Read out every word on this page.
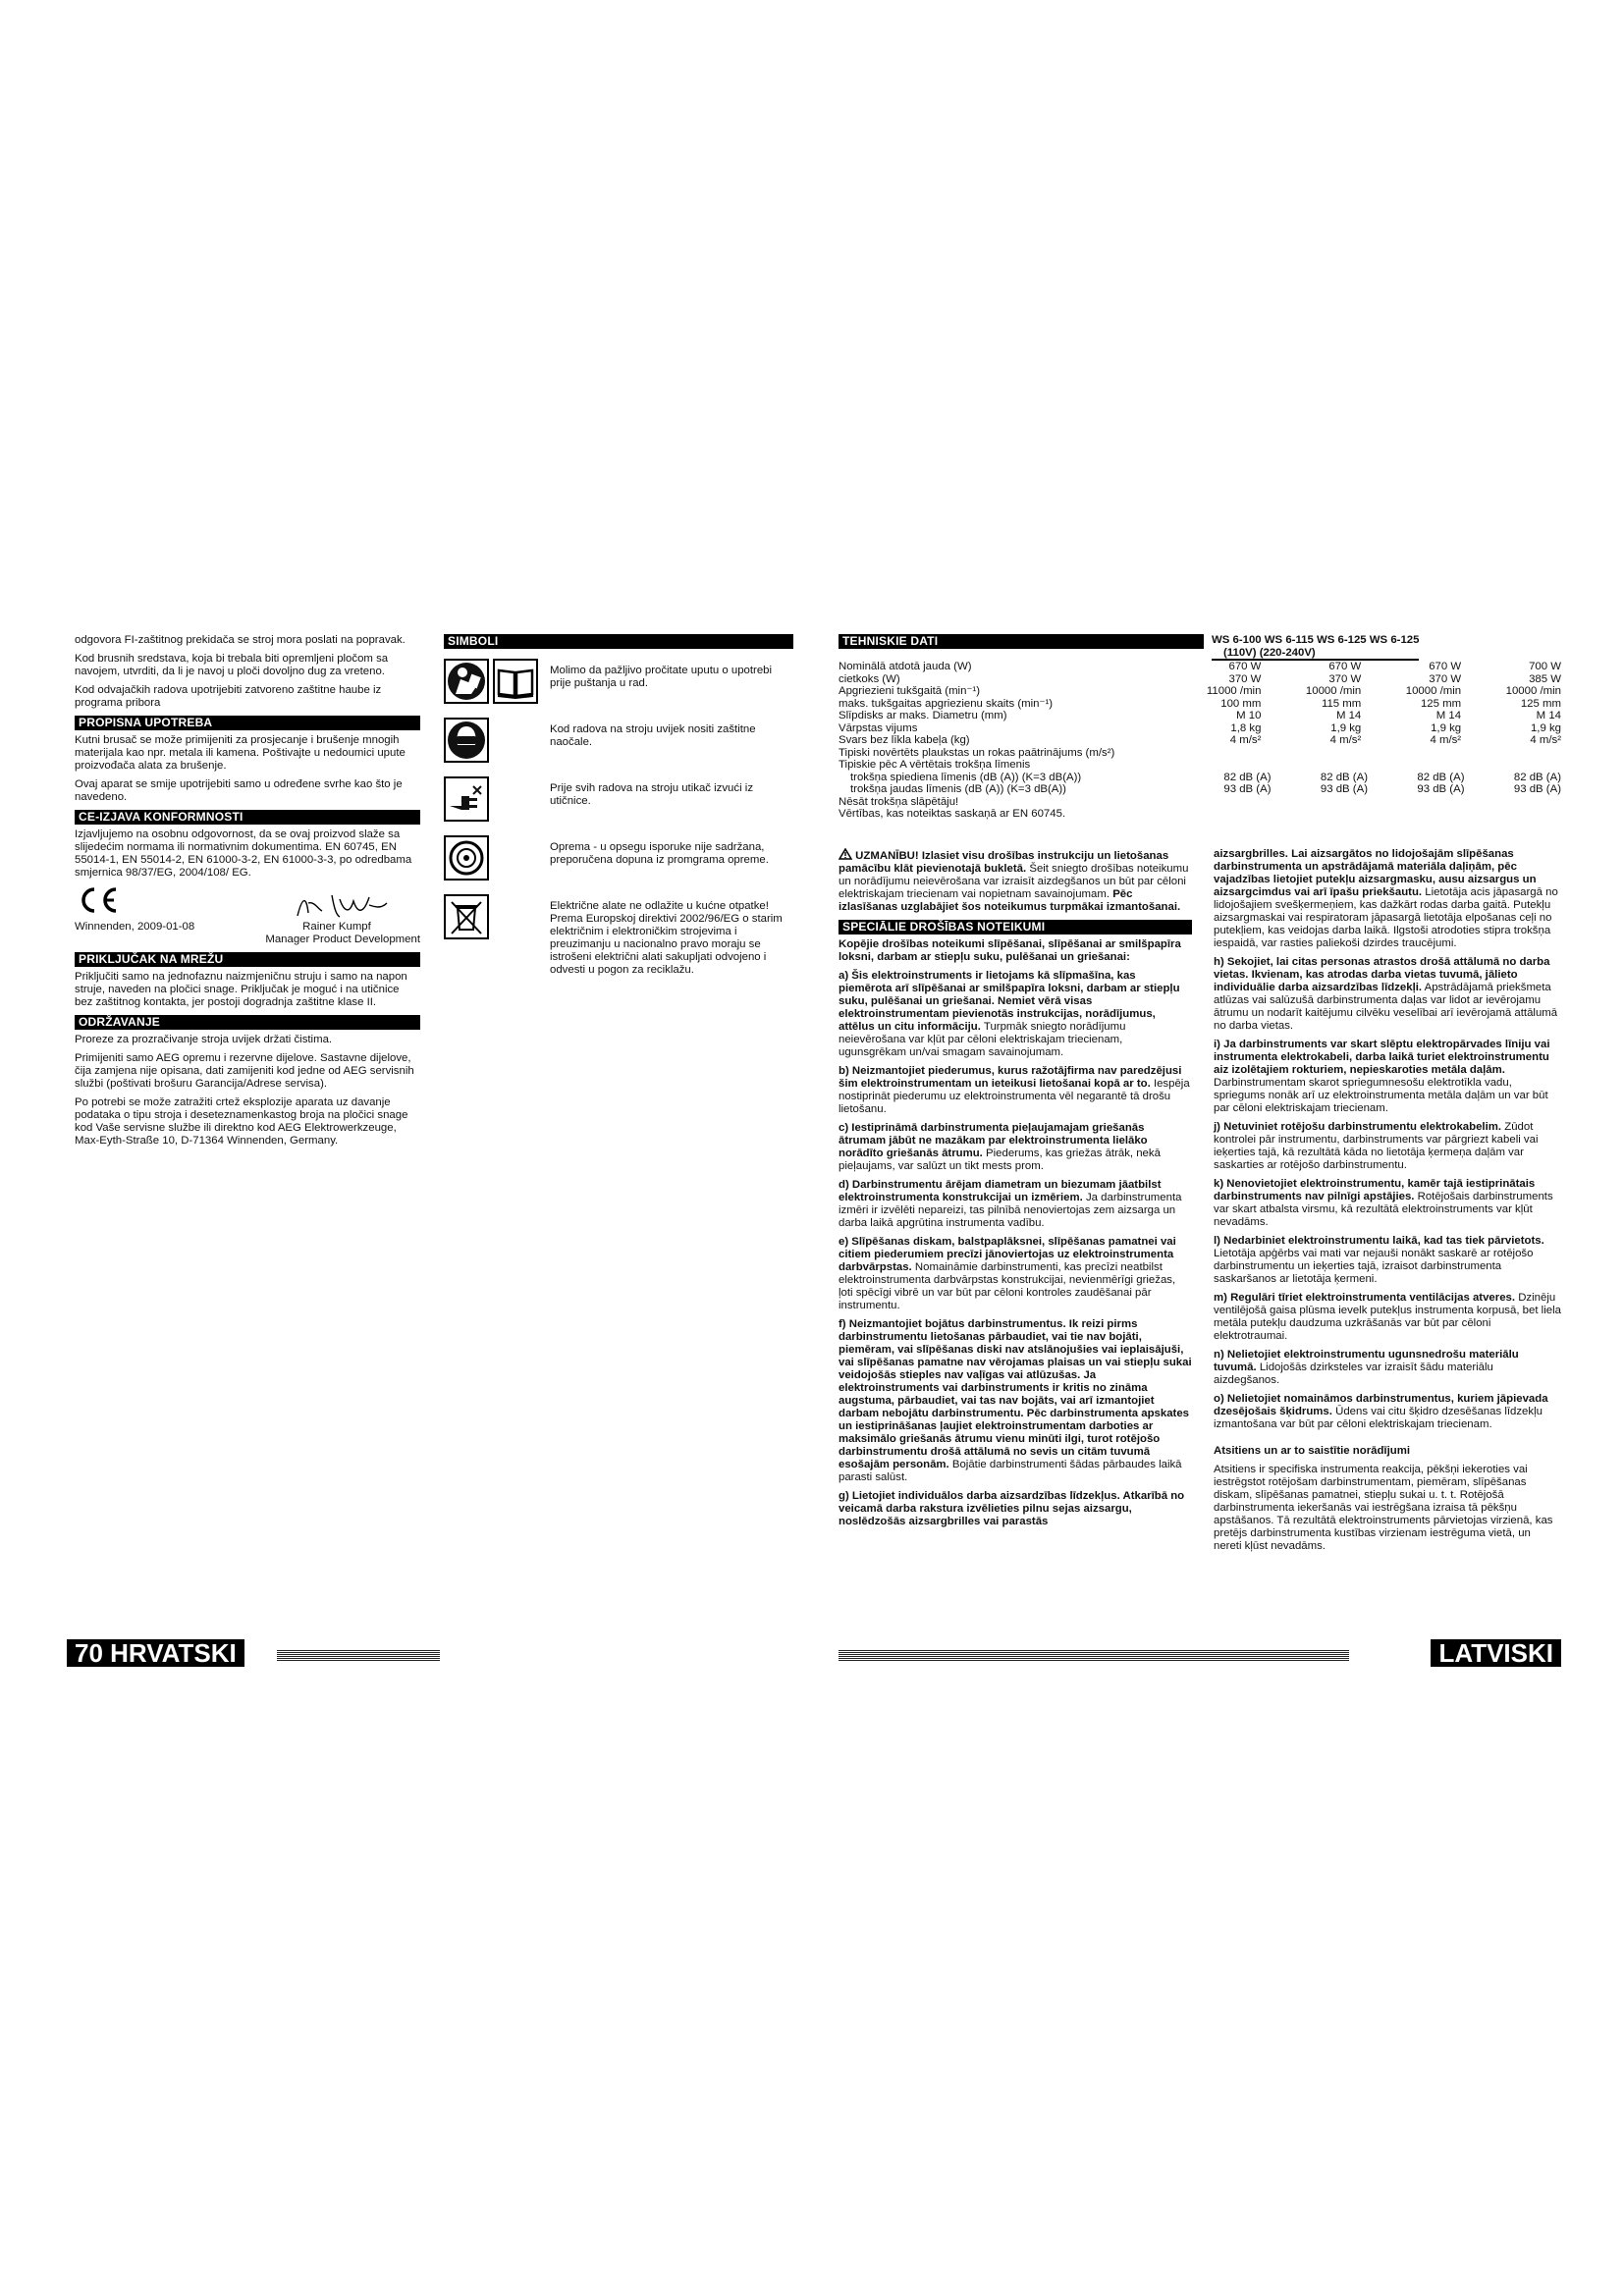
odgovora FI-zaštitnog prekidača se stroj mora poslati na popravak.

Kod brusnih sredstava, koja bi trebala biti opremljeni pločom sa navojem, utvrditi, da li je navoj u ploči dovoljno dug za vreteno.

Kod odvajačkih radova upotrijebiti zatvoreno zaštitne haube iz programa pribora

PROPISNA UPOTREBA

Kutni brusač se može primijeniti za prosjecanje i brušenje mnogih materijala kao npr. metala ili kamena. Poštivajte u nedoumici upute proizvođača alata za brušenje.

Ovaj aparat se smije upotrijebiti samo u određene svrhe kao što je navedeno.

CE-IZJAVA KONFORMNOSTI

Izjavljujemo na osobnu odgovornost, da se ovaj proizvod slaže sa slijedećim normama ili normativnim dokumentima. EN 60745, EN 55014-1, EN 55014-2, EN 61000-3-2, EN 61000-3-3, po odredbama smjernica 98/37/EG, 2004/108/ EG.

Winnenden, 2009-01-08	Rainer Kumpf

Manager Product Development

PRIKLJUČAK NA MREŽU

Priključiti samo na jednofaznu naizmjeničnu struju i samo na napon struje, naveden na pločici snage. Priključak je moguć i na utičnice bez zaštitnog kontakta, jer postoji dogradnja zaštitne klase II.

ODRŽAVANJE

Proreze za prozračivanje stroja uvijek držati čistima.

Primijeniti samo AEG opremu i rezervne dijelove. Sastavne dijelove, čija zamjena nije opisana, dati zamijeniti kod jedne od AEG servisnih službi (poštivati brošuru Garancija/Adrese servisa).

Po potrebi se može zatražiti crtež eksplozije aparata uz davanje podataka o tipu stroja i deseteznamenkastog broja na pločici snage kod Vaše servisne službe ili direktno kod AEG Elektrowerkzeuge, Max-Eyth-Straße 10, D-71364 Winnenden, Germany.

SIMBOLI
Molimo da pažljivo pročitate uputu o upotrebi prije puštanja u rad.
Kod radova na stroju uvijek nositi zaštitne naočale.
Prije svih radova na stroju utikač izvući iz utičnice.
Oprema - u opsegu isporuke nije sadržana, preporučena dopuna iz promgrama opreme.
Električne alate ne odlažite u kućne otpatke! Prema Europskoj direktivi 2002/96/EG o starim električnim i elektroničkim strojevima i preuzimanju u nacionalno pravo moraju se istrošeni električni alati sakupljati odvojeno i odvesti u pogon za reciklažu.
70 HRVATSKI
TEHNISKIE DATI	WS 6-100 WS 6-115 WS 6-125 WS 6-125
(110V) (220-240V)
Nominālā atdotā jauda (W)	670 W	670 W	670 W	700 W
cietkoks (W)	370 W	370 W	370 W	385 W
Apgriezieni tukšgaitā (min⁻¹)	11000 /min	10000 /min	10000 /min	10000 /min
maks. tukšgaitas apgriezienu skaits (min⁻¹)	100 mm	115 mm	125 mm	125 mm
Slīpdisks ar maks. Diametru (mm)	M 10	M 14	M 14	M 14
Vārpstas vijums	1,8 kg	1,9 kg	1,9 kg	1,9 kg
Svars bez līkla kabeļa (kg)	4 m/s²	4 m/s²	4 m/s²	4 m/s²
Tipiski novērtēts plaukstas un rokas paātrinājums (m/s²)
Tipiskie pēc A vērtētais trokšņa līmenis
trokšņa spiediena līmenis (dB (A)) (K=3 dB(A))	82 dB (A)	82 dB (A)	82 dB (A)	82 dB (A)
trokšņa jaudas līmenis (dB (A)) (K=3 dB(A))	93 dB (A)	93 dB (A)	93 dB (A)	93 dB (A)
Nēsāt trokšņa slāpētāju!
Vērtības, kas noteiktas saskaņā ar EN 60745.

UZMANĪBU! Izlasiet visu drošības instrukciju un lietošanas pamācību klāt pievienotajā bukletā. Šeit sniegto drošības noteikumu un norādījumu neievērošana var izraisīt aizdegšanos un būt par cēloni elektriskajam triecienam vai nopietnam savainojumam. Pēc izlasīšanas uzglabājiet šos noteikumus turpmākai izmantošanai.

SPECIĀLIE DROŠĪBAS NOTEIKUMI

Kopējie drošības noteikumi slīpēšanai, slīpēšanai ar smilšpapīra loksni, darbam ar stiepļu suku, pulēšanai un griešanai:

a) Šis elektroinstruments ir lietojams kā slīpmašīna, kas piemērota arī slīpēšanai ar smilšpapīra loksni, darbam ar stiepļu suku, pulēšanai un griešanai. Nemiet vērā visas elektroinstrumentam pievienotās instrukcijas, norādījumus, attēlus un citu informāciju. Turpmāk sniegto norādījumu neievērošana var kļūt par cēloni elektriskajam triecienam, ugunsgrēkam un/vai smagam savainojumam.

b) Neizmantojiet piederumus, kurus ražotājfirma nav paredzējusi šim elektroinstrumentam un ieteikusi lietošanai kopā ar to. Iespēja nostiprināt piederumu uz elektroinstrumenta vēl negarantē tā drošu lietošanu.

c) Iestiprināmā darbinstrumenta pieļaujamajam griešanās ātrumam jābūt ne mazākam par elektroinstrumenta lielāko norādīto griešanās ātrumu. Piederums, kas griežas ātrāk, nekā pieļaujams, var salūzt un tikt mests prom.

d) Darbinstrumentu ārējam diametram un biezumam jāatbilst elektroinstrumenta konstrukcijai un izmēriem. Ja darbinstrumenta izmēri ir izvēlēti nepareizi, tas pilnībā nenoviertojas zem aizsarga un darba laikā apgrūtina instrumenta vadību.

e) Slīpēšanas diskam, balstpaplāksnei, slīpēšanas pamatnei vai citiem piederumiem precīzi jānoviertojas uz elektroinstrumenta darbvārpstas. Nomaināmie darbinstrumenti, kas precīzi neatbilst elektroinstrumenta darbvārpstas konstrukcijai, nevienmērīgi griežas, ļoti spēcīgi vibrē un var būt par cēloni kontroles zaudēšanai pār instrumentu.

f) Neizmantojiet bojātus darbinstrumentus. Ik reizi pirms darbinstrumentu lietošanas pārbaudiet, vai tie nav bojāti, piemēram, vai slīpēšanas diski nav atslānojušies vai ieplaisājuši, vai slīpēšanas pamatne nav vērojamas plaisas un vai stiepļu sukai veidojošās stieples nav vaļīgas vai atlūzušas. Ja elektroinstruments vai darbinstruments ir kritis no zināma augstuma, pārbaudiet, vai tas nav bojāts, vai arī izmantojiet darbam nebojātu darbinstrumentu. Pēc darbinstrumenta apskates un iestiprināšanas ļaujiet elektroinstrumentam darboties ar maksimālo griešanās ātrumu vienu minūti ilgi, turot rotējošo darbinstrumentu drošā attālumā no sevis un citām tuvumā esošajām personām. Bojātie darbinstrumenti šādas pārbaudes laikā parasti salūst.

g) Lietojiet individuālos darba aizsardzības līdzekļus. Atkarībā no veicamā darba rakstura izvēlieties pilnu sejas aizsargu, noslēdzošās aizsargbrilles vai parastās

aizsargbrilles. Lai aizsargātos no lidojošajām slīpēšanas darbinstrumenta un apstrādājamā materiāla daļiņām, pēc vajadzības lietojiet putekļu aizsargmasku, ausu aizsargus un aizsargcimdus vai arī īpašu priekšautu. Lietotāja acis jāpasargā no lidojošajiem svešķermeņiem, kas dažkārt rodas darba gaitā. Putekļu aizsargmaskai vai respiratoram jāpasargā lietotāja elpošanas ceļi no putekļiem, kas veidojas darba laikā. Ilgstoši atrodoties stipra trokšņa iespaidā, var rasties paliekoši dzirdes traucējumi.

h) Sekojiet, lai citas personas atrastos drošā attālumā no darba vietas. Ikvienam, kas atrodas darba vietas tuvumā, jālieto individuālie darba aizsardzības līdzekļi. Apstrādājamā priekšmeta atlūzas vai salūzušā darbinstrumenta daļas var lidot ar ievērojamu ātrumu un nodarīt kaitējumu cilvēku veselībai arī ievērojamā attālumā no darba vietas.

i) Ja darbinstruments var skart slēptu elektropārvades līniju vai instrumenta elektrokabeli, darba laikā turiet elektroinstrumentu aiz izolētajiem rokturiem, nepieskaroties metāla daļām. Darbinstrumentam skarot spriegumnesošu elektrotīkla vadu, spriegums nonāk arī uz elektroinstrumenta metāla daļām un var būt par cēloni elektriskajam triecienam.

j) Netuviniet rotējošu darbinstrumentu elektrokabelim. Zūdot kontrolei pār instrumentu, darbinstruments var pārgriezt kabeli vai ieķerties tajā, kā rezultātā kāda no lietotāja ķermeņa daļām var saskarties ar rotējošo darbinstrumentu.

k) Nenovietojiet elektroinstrumentu, kamēr tajā iestiprinātais darbinstruments nav pilnīgi apstājies. Rotējošais darbinstruments var skart atbalsta virsmu, kā rezultātā elektroinstruments var kļūt nevadāms.

l) Nedarbiniet elektroinstrumentu laikā, kad tas tiek pārvietots. Lietotāja apģērbs vai mati var nejauši nonākt saskarē ar rotējošo darbinstrumentu un ieķerties tajā, izraisot darbinstrumenta saskaršanos ar lietotāja ķermeni.

m) Regulāri tīriet elektroinstrumenta ventilācijas atveres. Dzinēju ventilējošā gaisa plūsma ievelk putekļus instrumenta korpusā, bet liela metāla putekļu daudzuma uzkrāšanās var būt par cēloni elektrotraumai.

n) Nelietojiet elektroinstrumentu ugunsnedrošu materiālu tuvumā. Lidojošās dzirksteles var izraisīt šādu materiālu aizdegšanos.

o) Nelietojiet nomaināmos darbinstrumentus, kuriem jāpievada dzesējošais šķidrums. Ūdens vai citu šķidro dzesēšanas līdzekļu izmantošana var būt par cēloni elektriskajam triecienam.

Atsitiens un ar to saistītie norādījumi

Atsitiens ir specifiska instrumenta reakcija, pēkšņi iekeroties vai iestrēgstot rotējošam darbinstrumentam, piemēram, slīpēšanas diskam, slīpēšanas pamatnei, stiepļu sukai u. t. t. Rotējošā darbinstrumenta iekeršanās vai iestrēgšana izraisa tā pēkšņu apstāšanos. Tā rezultātā elektroinstruments pārvietojas virzienā, kas pretējs darbinstrumenta kustības virzienam iestrēguma vietā, un nereti kļūst nevadāms.

LATVISKI
